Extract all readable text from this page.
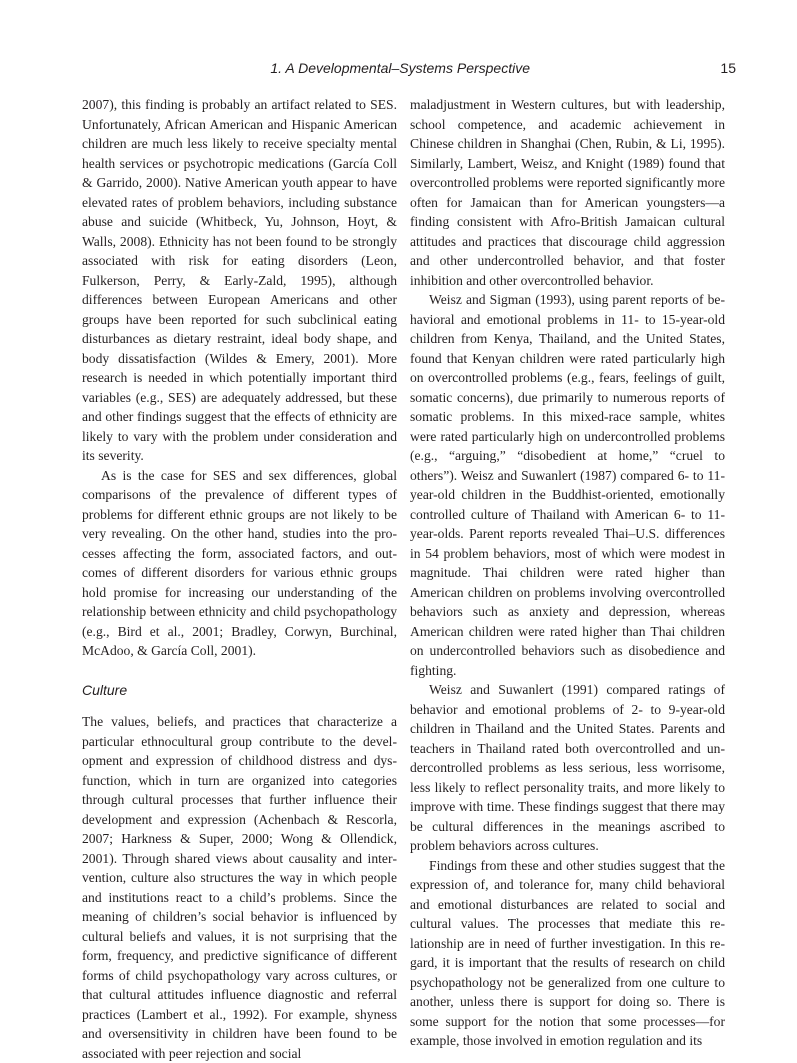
1. A Developmental–Systems Perspective	15

2007), this finding is probably an artifact related to SES. Unfortunately, African American and Hispanic American children are much less likely to receive specialty mental health services or psychotropic medications (García Coll & Garrido, 2000). Native American youth appear to have elevated rates of problem behaviors, including substance abuse and suicide (Whitbeck, Yu, Johnson, Hoyt, & Walls, 2008). Ethnicity has not been found to be strongly associated with risk for eating disorders (Leon, Fulkerson, Perry, & Early-Zald, 1995), although differences between European Americans and other groups have been reported for such subclinical eating disturbances as dietary restraint, ideal body shape, and body dissatisfaction (Wildes & Emery, 2001). More research is needed in which potentially important third variables (e.g., SES) are adequately addressed, but these and other findings suggest that the effects of ethnicity are likely to vary with the problem under consideration and its severity.

As is the case for SES and sex differences, global comparisons of the prevalence of different types of problems for different ethnic groups are not likely to be very revealing. On the other hand, studies into the processes affecting the form, associated factors, and outcomes of different disorders for various ethnic groups hold promise for increasing our understanding of the relationship between ethnicity and child psychopathology (e.g., Bird et al., 2001; Bradley, Corwyn, Burchinal, McAdoo, & García Coll, 2001).

Culture

The values, beliefs, and practices that characterize a particular ethnocultural group contribute to the development and expression of childhood distress and dysfunction, which in turn are organized into categories through cultural processes that further influence their development and expression (Achenbach & Rescorla, 2007; Harkness & Super, 2000; Wong & Ollendick, 2001). Through shared views about causality and intervention, culture also structures the way in which people and institutions react to a child’s problems. Since the meaning of children’s social behavior is influenced by cultural beliefs and values, it is not surprising that the form, frequency, and predictive significance of different forms of child psychopathology vary across cultures, or that cultural attitudes influence diagnostic and referral practices (Lambert et al., 1992). For example, shyness and oversensitivity in children have been found to be associated with peer rejection and social

maladjustment in Western cultures, but with leadership, school competence, and academic achievement in Chinese children in Shanghai (Chen, Rubin, & Li, 1995). Similarly, Lambert, Weisz, and Knight (1989) found that overcontrolled problems were reported significantly more often for Jamaican than for American youngsters—a finding consistent with Afro-British Jamaican cultural attitudes and practices that discourage child aggression and other undercontrolled behavior, and that foster inhibition and other overcontrolled behavior.

Weisz and Sigman (1993), using parent reports of behavioral and emotional problems in 11- to 15-year-old children from Kenya, Thailand, and the United States, found that Kenyan children were rated particularly high on overcontrolled problems (e.g., fears, feelings of guilt, somatic concerns), due primarily to numerous reports of somatic problems. In this mixed-race sample, whites were rated particularly high on undercontrolled problems (e.g., “arguing,” “disobedient at home,” “cruel to others”). Weisz and Suwanlert (1987) compared 6- to 11-year-old children in the Buddhist-oriented, emotionally controlled culture of Thailand with American 6- to 11-year-olds. Parent reports revealed Thai–U.S. differences in 54 problem behaviors, most of which were modest in magnitude. Thai children were rated higher than American children on problems involving overcontrolled behaviors such as anxiety and depression, whereas American children were rated higher than Thai children on undercontrolled behaviors such as disobedience and fighting.

Weisz and Suwanlert (1991) compared ratings of behavior and emotional problems of 2- to 9-year-old children in Thailand and the United States. Parents and teachers in Thailand rated both overcontrolled and undercontrolled problems as less serious, less worrisome, less likely to reflect personality traits, and more likely to improve with time. These findings suggest that there may be cultural differences in the meanings ascribed to problem behaviors across cultures.

Findings from these and other studies suggest that the expression of, and tolerance for, many child behavioral and emotional disturbances are related to social and cultural values. The processes that mediate this relationship are in need of further investigation. In this regard, it is important that the results of research on child psychopathology not be generalized from one culture to another, unless there is support for doing so. There is some support for the notion that some processes—for example, those involved in emotion regulation and its
